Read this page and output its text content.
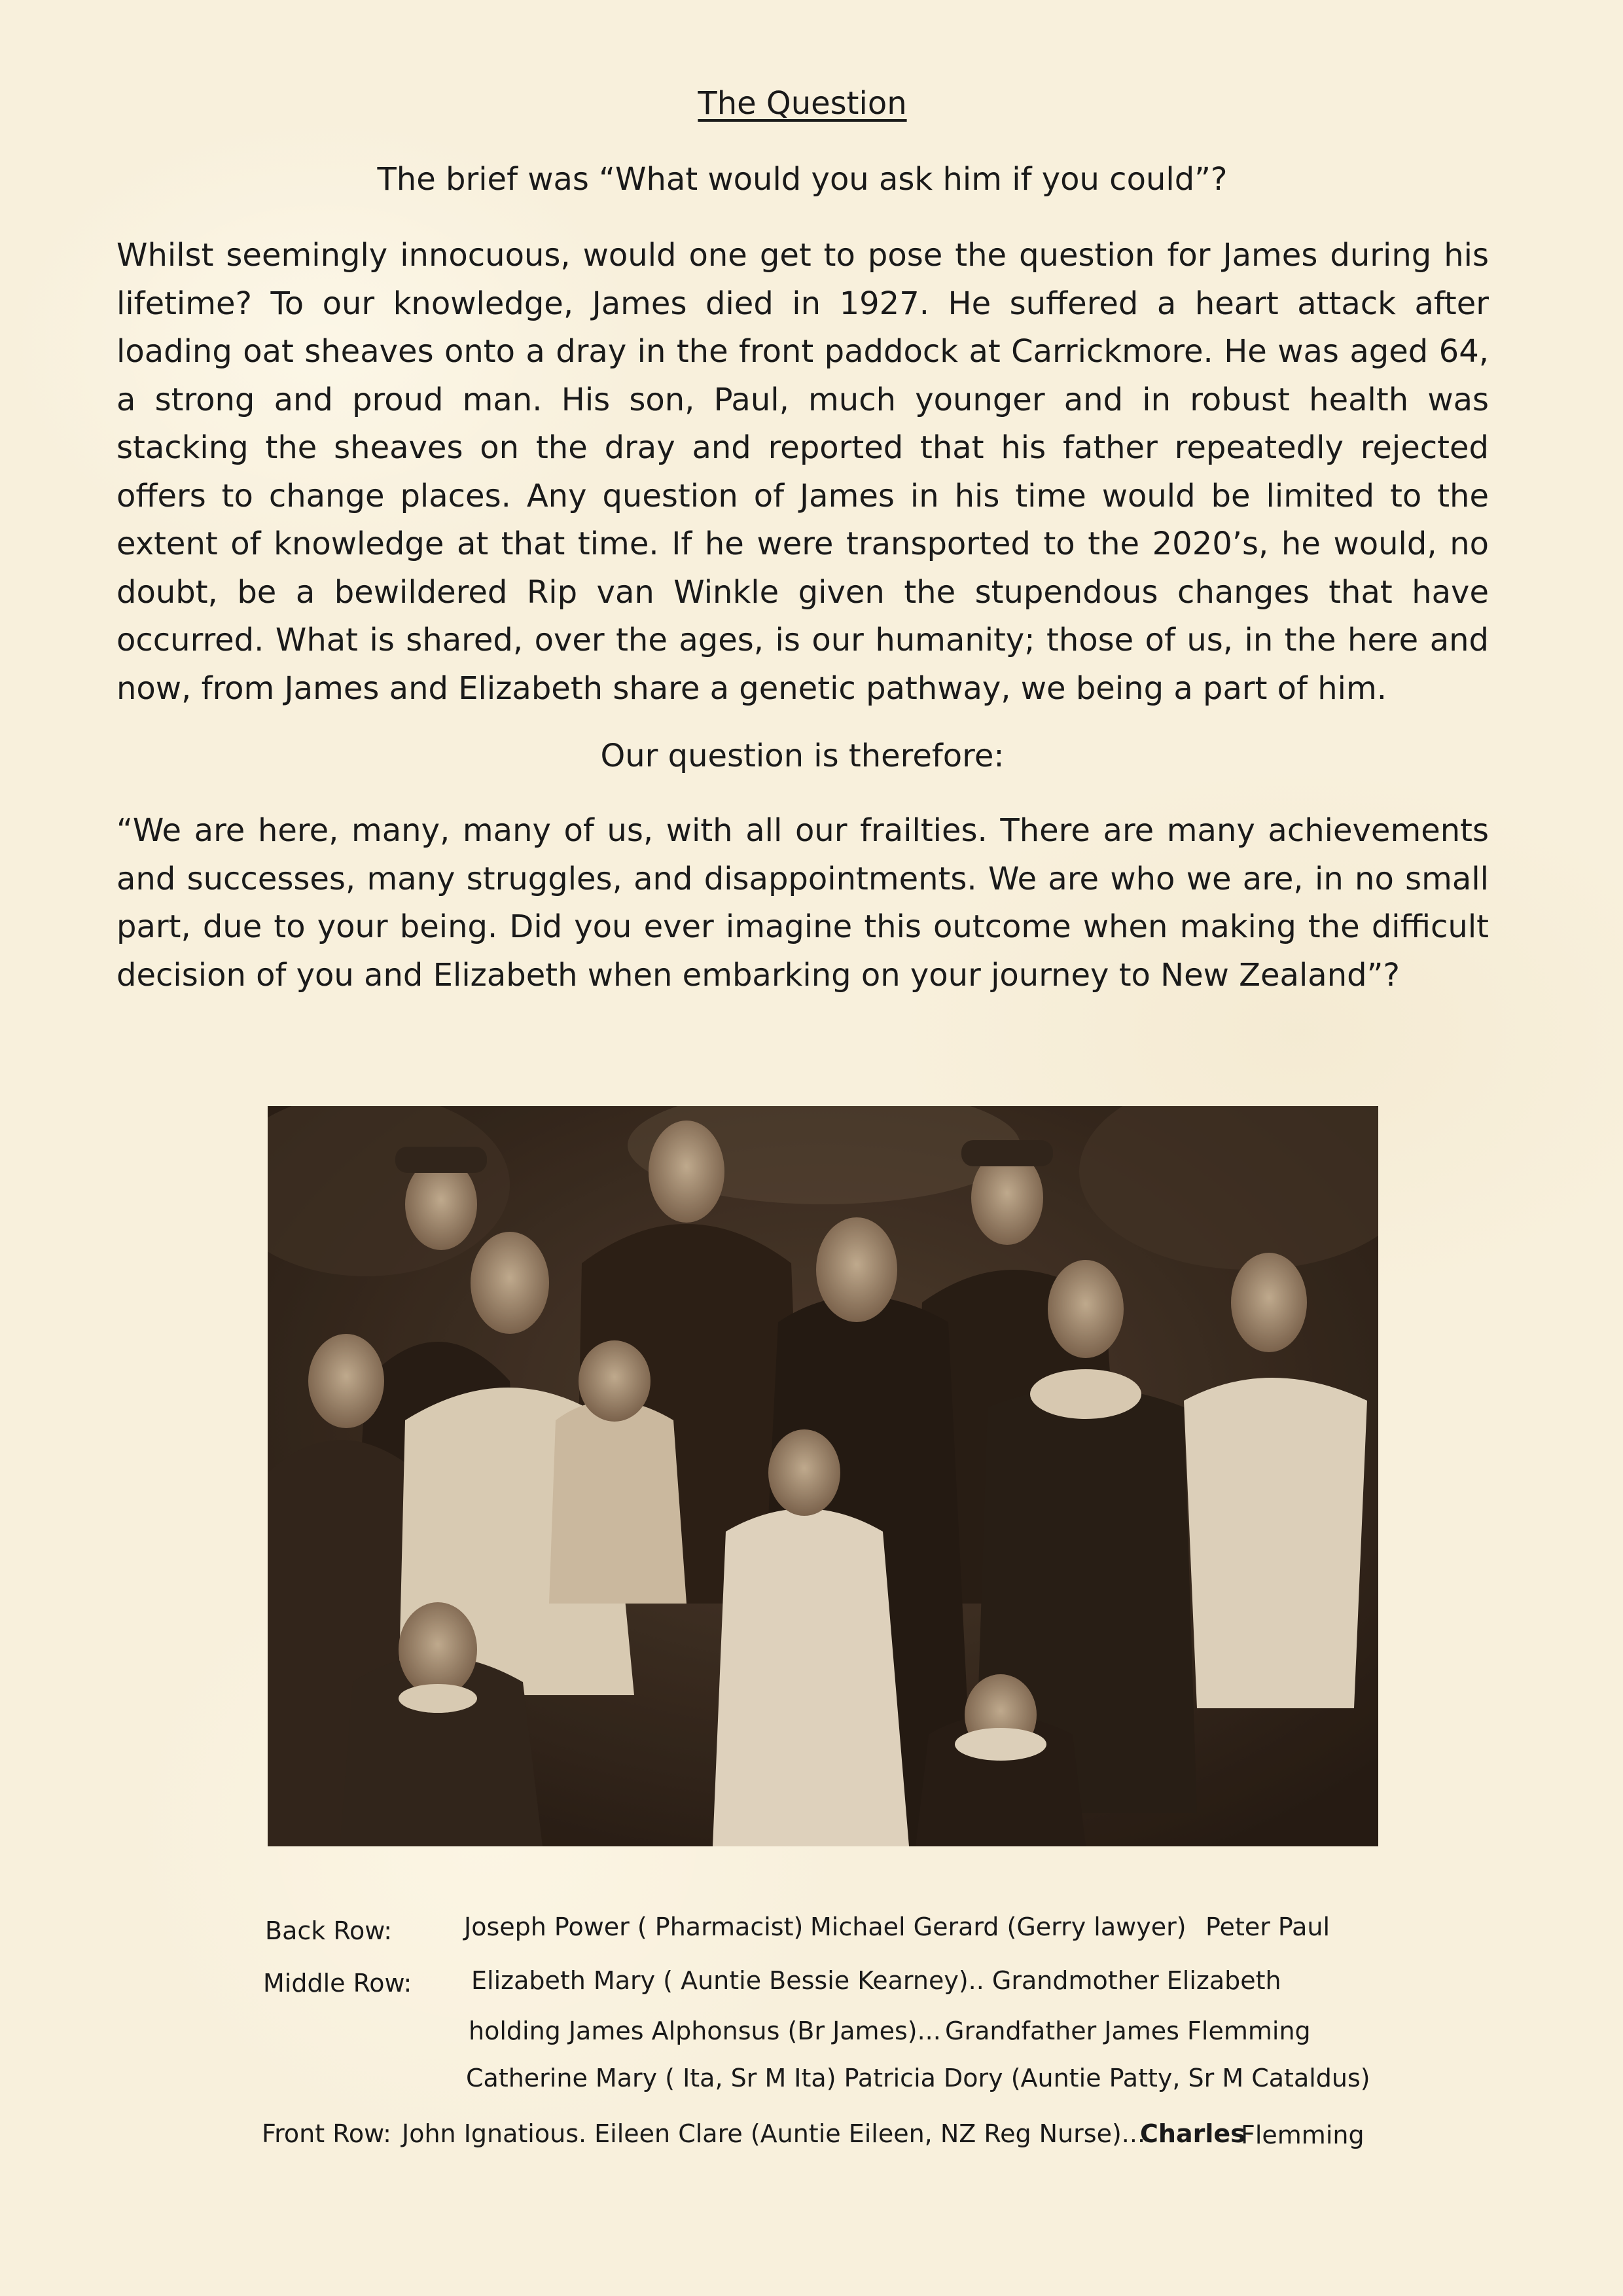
The Question
The brief was “What would you ask him if you could”?

Whilst seemingly innocuous, would one get to pose the question for James during his lifetime? To our knowledge, James died in 1927. He suffered a heart attack after loading oat sheaves onto a dray in the front paddock at Carrickmore. He was aged 64, a strong and proud man. His son, Paul, much younger and in robust health was stacking the sheaves on the dray and reported that his father repeatedly rejected offers to change places. Any question of James in his time would be limited to the extent of knowledge at that time. If he were transported to the 2020’s, he would, no doubt, be a bewildered Rip van Winkle given the stupendous changes that have occurred. What is shared, over the ages, is our humanity; those of us, in the here and now, from James and Elizabeth share a genetic pathway, we being a part of him.

Our question is therefore:

“We are here, many, many of us, with all our frailties. There are many achievements and successes, many struggles, and disappointments. We are who we are, in no small part, due to your being. Did you ever imagine this outcome when making the difficult decision of you and Elizabeth when embarking on your journey to New Zealand”?

Back Row:	Joseph Power ( Pharmacist) Michael Gerard (Gerry lawyer) Peter Paul
Middle Row: Elizabeth Mary ( Auntie Bessie Kearney).. Grandmother Elizabeth
holding James Alphonsus (Br James)... Grandfather James Flemming
Catherine Mary ( Ita, Sr M Ita) Patricia Dory (Auntie Patty, Sr M Cataldus)
Front Row: John Ignatious. Eileen Clare (Auntie Eileen, NZ Reg Nurse)....
Charles
Flemming
